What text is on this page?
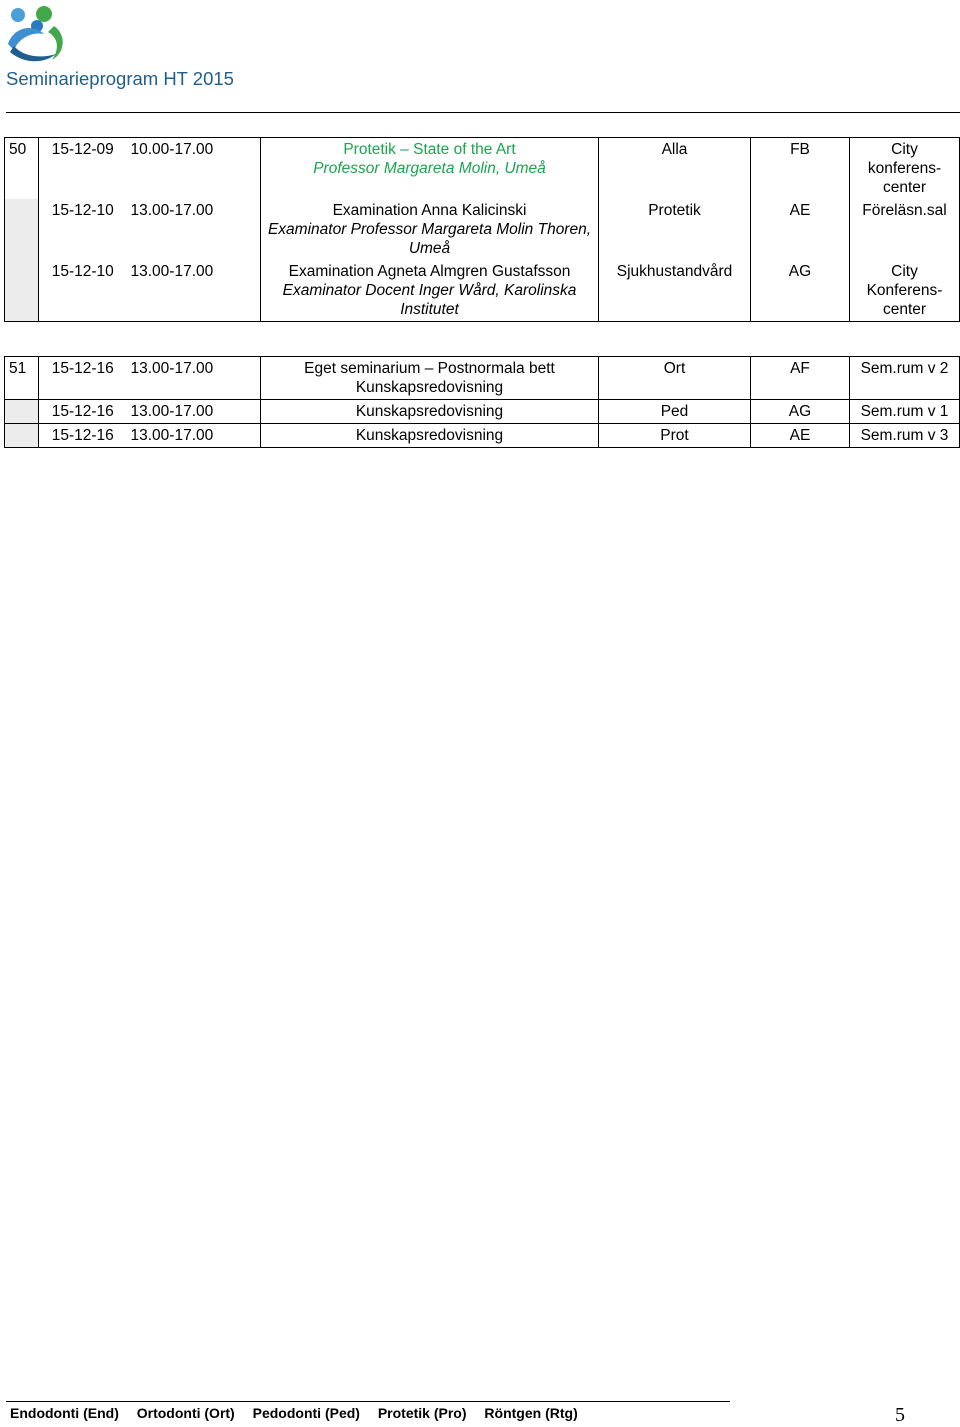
Seminarieprogram HT 2015
50	15-12-09	10.00-17.00	Protetik – State of the Art
Professor Margareta Molin, Umeå	Alla	FB	City konferens-center
	15-12-10	13.00-17.00	Examination Anna Kalicinski
Examinator Professor Margareta Molin Thoren, Umeå	Protetik	AE	Föreläsn.sal
	15-12-10	13.00-17.00	Examination Agneta Almgren Gustafsson
Examinator Docent Inger Wård, Karolinska Institutet	Sjukhustandvård	AG	City Konferens-center
51	15-12-16	13.00-17.00	Eget seminarium – Postnormala bett
Kunskapsredovisning	Ort	AF	Sem.rum v 2
	15-12-16	13.00-17.00	Kunskapsredovisning	Ped	AG	Sem.rum v 1
	15-12-16	13.00-17.00	Kunskapsredovisning	Prot	AE	Sem.rum v 3
Endodonti (End) Ortodonti (Ort) Pedodonti (Ped) Protetik (Pro) Röntgen (Rtg)	5
